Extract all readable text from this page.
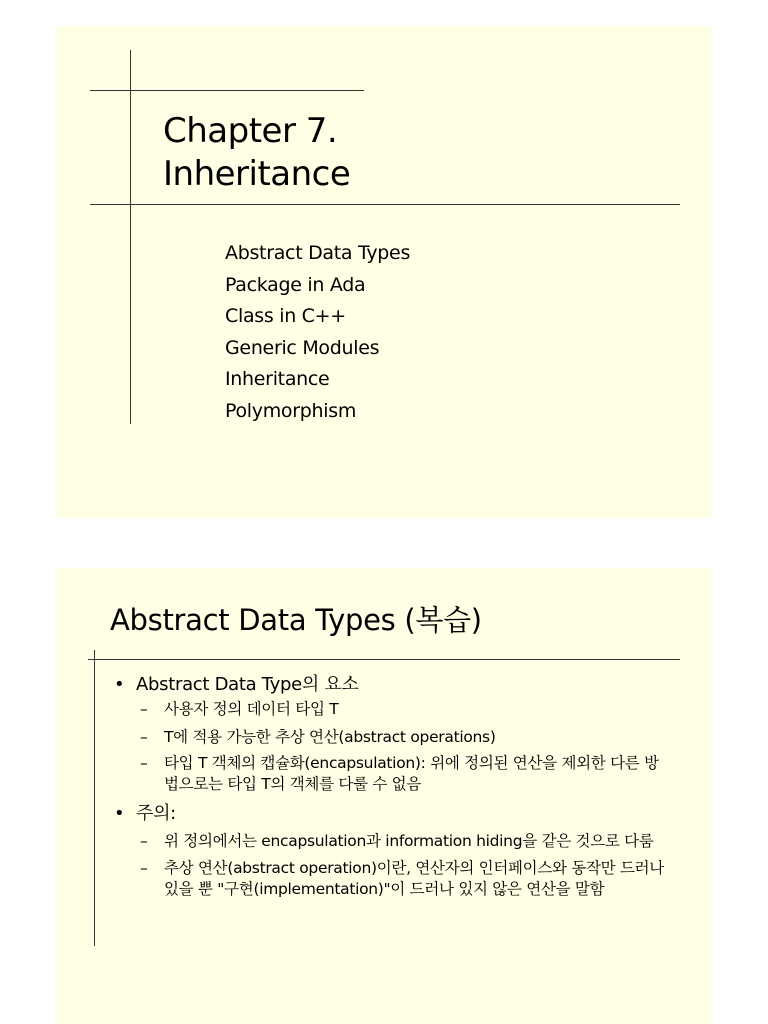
Chapter 7.
Inheritance
Abstract Data Types
Package in Ada
Class in C++
Generic Modules
Inheritance
Polymorphism
Abstract Data Types (복습)
• Abstract Data Type의 요소
– 사용자 정의 데이터 타입 T
– T에 적용 가능한 추상 연산(abstract operations)
– 타입 T 객체의 캡슐화(encapsulation): 위에 정의된 연산을 제외한 다른 방법으로는 타입 T의 객체를 다룰 수 없음
• 주의:
– 위 정의에서는 encapsulation과 information hiding을 같은 것으로 다룸
– 추상 연산(abstract operation)이란, 연산자의 인터페이스와 동작만 드러나 있을 뿐 "구현(implementation)"이 드러나 있지 않은 연산을 말함
